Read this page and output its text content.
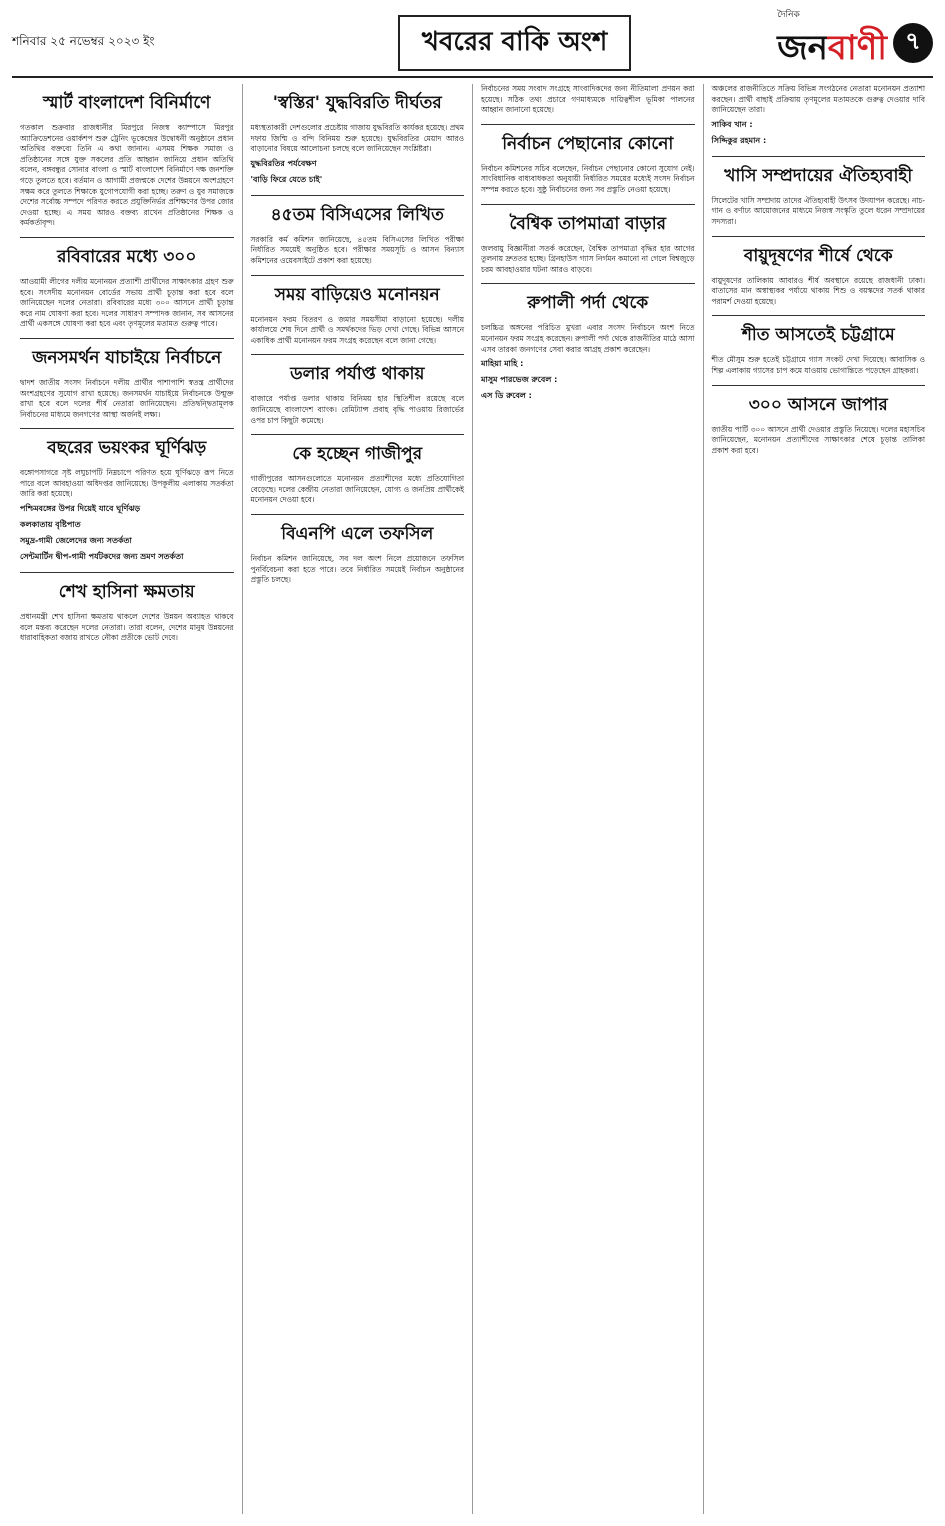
শনিবার ২৫ নভেম্বর ২০২৩ ইং	খবরের বাকি অংশ
দৈনিক
জনবাণী ৭
স্মার্ট বাংলাদেশ বিনির্মাণে
গতকাল শুক্রবার রাজধানীর মিরপুরে নিজস্ব ক্যাম্পাসে মিরপুর অ্যাক্রিডেশনের ওয়ার্কশপ শুরু ট্রেনিং ভূকেন্দ্রের উদ্বোধনী অনুষ্ঠানে প্রধান অতিথির বক্তব্যে তিনি এ কথা জানান। এসময় শিক্ষক সমাজ ও প্রতিষ্ঠানের সঙ্গে যুক্ত সকলের প্রতি আহ্বান জানিয়ে প্রধান অতিথি বলেন, বঙ্গবন্ধুর সোনার বাংলা ও স্মার্ট বাংলাদেশ বিনির্মাণে দক্ষ জনশক্তি গড়ে তুলতে হবে। বর্তমান ও আগামী প্রজন্মকে দেশের উন্নয়নে অংশগ্রহণে সক্ষম করে তুলতে শিক্ষাকে যুগোপযোগী করা হচ্ছে। তরুণ ও যুব সমাজকে দেশের সর্বোচ্চ সম্পদে পরিণত করতে প্রযুক্তিনির্ভর প্রশিক্ষণের উপর জোর দেওয়া হচ্ছে। এ সময় আরও বক্তব্য রাখেন প্রতিষ্ঠানের শিক্ষক ও কর্মকর্তাবৃন্দ।
রবিবারের মধ্যে ৩০০
আওয়ামী লীগের দলীয় মনোনয়ন প্রত্যাশী প্রার্থীদের সাক্ষাৎকার গ্রহণ শুরু হবে। সংসদীয় মনোনয়ন বোর্ডের সভায় প্রার্থী চূড়ান্ত করা হবে বলে জানিয়েছেন দলের নেতারা। রবিবারের মধ্যে ৩০০ আসনে প্রার্থী চূড়ান্ত করে নাম ঘোষণা করা হবে। দলের সাধারণ সম্পাদক জানান, সব আসনের প্রার্থী একসঙ্গে ঘোষণা করা হবে এবং তৃণমূলের মতামত গুরুত্ব পাবে।
জনসমর্থন যাচাইয়ে নির্বাচনে
দ্বাদশ জাতীয় সংসদ নির্বাচনে দলীয় প্রার্থীর পাশাপাশি স্বতন্ত্র প্রার্থীদের অংশগ্রহণের সুযোগ রাখা হয়েছে। জনসমর্থন যাচাইয়ে নির্বাচনকে উন্মুক্ত রাখা হবে বলে দলের শীর্ষ নেতারা জানিয়েছেন। প্রতিদ্বন্দ্বিতামূলক নির্বাচনের মাধ্যমে জনগণের আস্থা অর্জনই লক্ষ্য।
বছরের ভয়ংকর ঘূর্ণিঝড়
বঙ্গোপসাগরে সৃষ্ট লঘুচাপটি নিম্নচাপে পরিণত হয়ে ঘূর্ণিঝড়ে রূপ নিতে পারে বলে আবহাওয়া অধিদপ্তর জানিয়েছে। উপকূলীয় এলাকায় সতর্কতা জারি করা হয়েছে।
পশ্চিমবঙ্গের উপর দিয়েই যাবে ঘূর্ণিঝড়
কলকাতায় বৃষ্টিপাত
সমুদ্র-গামী জেলেদের জন্য সতর্কতা
সেন্টমার্টিন দ্বীপ-গামী পর্যটকদের জন্য ভ্রমণ সতর্কতা
শেখ হাসিনা ক্ষমতায়
প্রধানমন্ত্রী শেখ হাসিনা ক্ষমতায় থাকলে দেশের উন্নয়ন অব্যাহত থাকবে বলে মন্তব্য করেছেন দলের নেতারা। তারা বলেন, দেশের মানুষ উন্নয়নের ধারাবাহিকতা বজায় রাখতে নৌকা প্রতীকে ভোট দেবে।
'স্বস্তির' যুদ্ধবিরতি দীর্ঘতর
মধ্যস্থতাকারী দেশগুলোর প্রচেষ্টায় গাজায় যুদ্ধবিরতি কার্যকর হয়েছে। প্রথম দফায় জিম্মি ও বন্দি বিনিময় শুরু হয়েছে। যুদ্ধবিরতির মেয়াদ আরও বাড়ানোর বিষয়ে আলোচনা চলছে বলে জানিয়েছেন সংশ্লিষ্টরা।
যুদ্ধবিরতির পর্যবেক্ষণ
'বাড়ি ফিরে যেতে চাই'
৪৫তম বিসিএসের লিখিত
সরকারি কর্ম কমিশন জানিয়েছে, ৪৫তম বিসিএসের লিখিত পরীক্ষা নির্ধারিত সময়েই অনুষ্ঠিত হবে। পরীক্ষার সময়সূচি ও আসন বিন্যাস কমিশনের ওয়েবসাইটে প্রকাশ করা হয়েছে।
সময় বাড়িয়েও মনোনয়ন
মনোনয়ন ফরম বিতরণ ও জমার সময়সীমা বাড়ানো হয়েছে। দলীয় কার্যালয়ে শেষ দিনে প্রার্থী ও সমর্থকদের ভিড় দেখা গেছে। বিভিন্ন আসনে একাধিক প্রার্থী মনোনয়ন ফরম সংগ্রহ করেছেন বলে জানা গেছে।
ডলার পর্যাপ্ত থাকায়
বাজারে পর্যাপ্ত ডলার থাকায় বিনিময় হার স্থিতিশীল রয়েছে বলে জানিয়েছে বাংলাদেশ ব্যাংক। রেমিট্যান্স প্রবাহ বৃদ্ধি পাওয়ায় রিজার্ভের ওপর চাপ কিছুটা কমেছে।
কে হচ্ছেন গাজীপুর
গাজীপুরের আসনগুলোতে মনোনয়ন প্রত্যাশীদের মধ্যে প্রতিযোগিতা বেড়েছে। দলের কেন্দ্রীয় নেতারা জানিয়েছেন, যোগ্য ও জনপ্রিয় প্রার্থীকেই মনোনয়ন দেওয়া হবে।
বিএনপি এলে তফসিল
নির্বাচন কমিশন জানিয়েছে, সব দল অংশ নিলে প্রয়োজনে তফসিল পুনর্বিবেচনা করা হতে পারে। তবে নির্ধারিত সময়েই নির্বাচন অনুষ্ঠানের প্রস্তুতি চলছে।
নির্বাচনের সময় সংবাদ সংগ্রহে সাংবাদিকদের জন্য নীতিমালা প্রণয়ন করা হয়েছে। সঠিক তথ্য প্রচারে গণমাধ্যমকে দায়িত্বশীল ভূমিকা পালনের আহ্বান জানানো হয়েছে।
নির্বাচন পেছানোর কোনো
নির্বাচন কমিশনের সচিব বলেছেন, নির্বাচন পেছানোর কোনো সুযোগ নেই। সাংবিধানিক বাধ্যবাধকতা অনুযায়ী নির্ধারিত সময়ের মধ্যেই সংসদ নির্বাচন সম্পন্ন করতে হবে। সুষ্ঠু নির্বাচনের জন্য সব প্রস্তুতি নেওয়া হয়েছে।
বৈশ্বিক তাপমাত্রা বাড়ার
জলবায়ু বিজ্ঞানীরা সতর্ক করেছেন, বৈশ্বিক তাপমাত্রা বৃদ্ধির হার আগের তুলনায় দ্রুততর হচ্ছে। গ্রিনহাউস গ্যাস নির্গমন কমানো না গেলে বিশ্বজুড়ে চরম আবহাওয়ার ঘটনা আরও বাড়বে।
রুপালী পর্দা থেকে
চলচ্চিত্র অঙ্গনের পরিচিত মুখরা এবার সংসদ নির্বাচনে অংশ নিতে মনোনয়ন ফরম সংগ্রহ করেছেন। রুপালী পর্দা থেকে রাজনীতির মাঠে আসা এসব তারকা জনগণের সেবা করার আগ্রহ প্রকাশ করেছেন।
মাহিয়া মাহি :
মাসুম পারভেজ রুবেল :
এস ডি রুবেল :
অঞ্চলের রাজনীতিতে সক্রিয় বিভিন্ন সংগঠনের নেতারা মনোনয়ন প্রত্যাশা করছেন। প্রার্থী বাছাই প্রক্রিয়ায় তৃণমূলের মতামতকে গুরুত্ব দেওয়ার দাবি জানিয়েছেন তারা।
সাকিব খান :
সিদ্দিকুর রহমান :
খাসি সম্প্রদায়ের ঐতিহ্যবাহী
সিলেটের খাসি সম্প্রদায় তাদের ঐতিহ্যবাহী উৎসব উদযাপন করেছে। নাচ-গান ও বর্ণাঢ্য আয়োজনের মাধ্যমে নিজস্ব সংস্কৃতি তুলে ধরেন সম্প্রদায়ের সদস্যরা।
বায়ুদূষণের শীর্ষে থেকে
বায়ুদূষণের তালিকায় আবারও শীর্ষ অবস্থানে রয়েছে রাজধানী ঢাকা। বাতাসের মান অস্বাস্থ্যকর পর্যায়ে থাকায় শিশু ও বয়স্কদের সতর্ক থাকার পরামর্শ দেওয়া হয়েছে।
শীত আসতেই চট্টগ্রামে
শীত মৌসুম শুরু হতেই চট্টগ্রামে গ্যাস সংকট দেখা দিয়েছে। আবাসিক ও শিল্প এলাকায় গ্যাসের চাপ কমে যাওয়ায় ভোগান্তিতে পড়েছেন গ্রাহকরা।
৩০০ আসনে জাপার
জাতীয় পার্টি ৩০০ আসনে প্রার্থী দেওয়ার প্রস্তুতি নিয়েছে। দলের মহাসচিব জানিয়েছেন, মনোনয়ন প্রত্যাশীদের সাক্ষাৎকার শেষে চূড়ান্ত তালিকা প্রকাশ করা হবে।
